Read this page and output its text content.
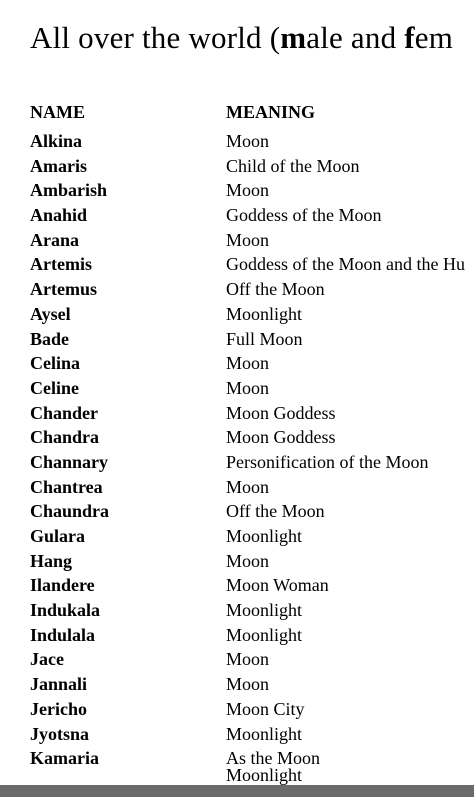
All over the world (male and fem
NAME	MEANING
Alkina	Moon
Amaris	Child of the Moon
Ambarish	Moon
Anahid	Goddess of the Moon
Arana	Moon
Artemis	Goddess of the Moon and the Hu
Artemus	Off the Moon
Aysel	Moonlight
Bade	Full Moon
Celina	Moon
Celine	Moon
Chander	Moon Goddess
Chandra	Moon Goddess
Channary	Personification of the Moon
Chantrea	Moon
Chaundra	Off the Moon
Gulara	Moonlight
Hang	Moon
Ilandere	Moon Woman
Indukala	Moonlight
Indulala	Moonlight
Jace	Moon
Jannali	Moon
Jericho	Moon City
Jyotsna	Moonlight
Kamaria	As the Moon
Moonlight
